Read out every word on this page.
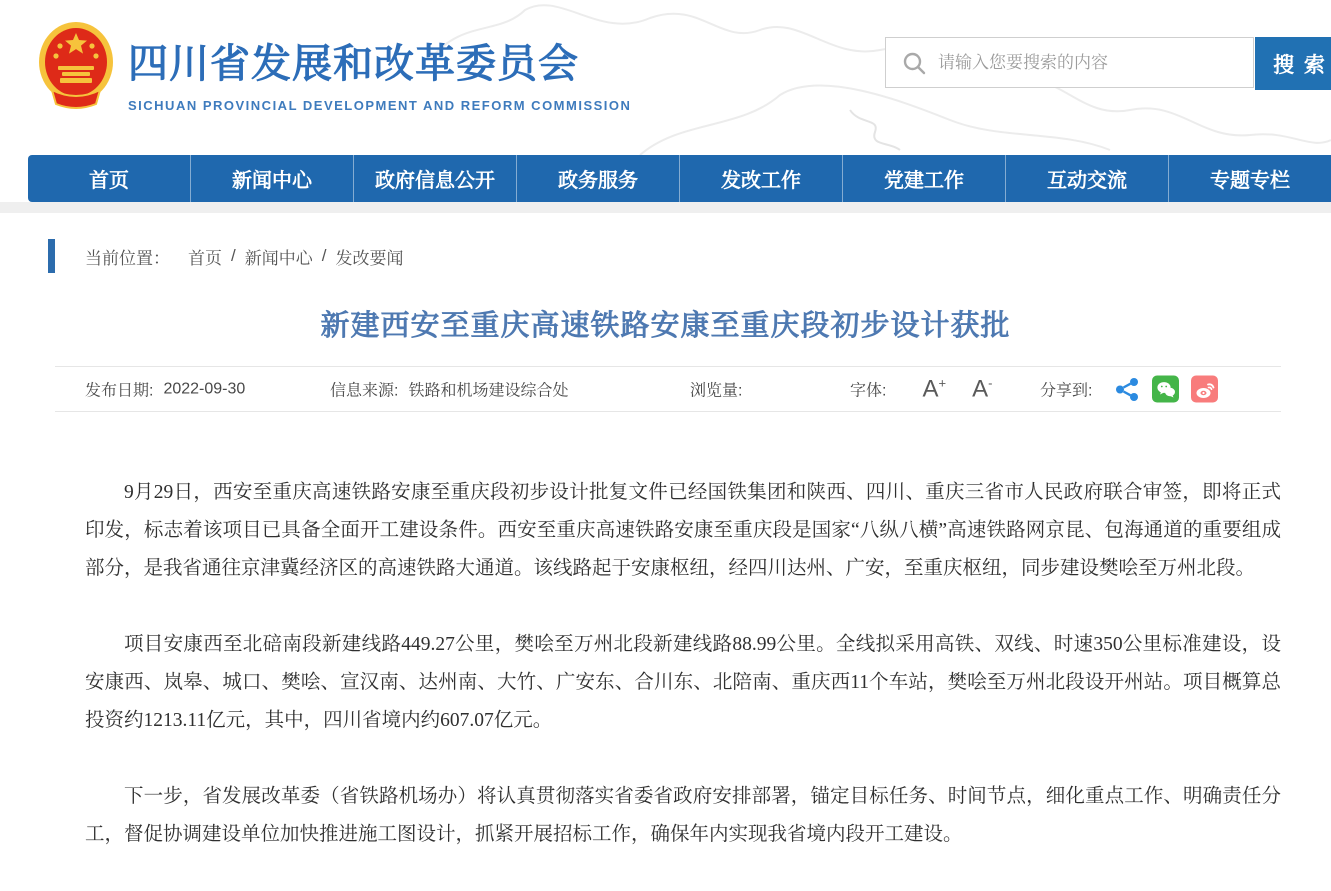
四川省发展和改革委员会
SICHUAN PROVINCIAL DEVELOPMENT AND REFORM COMMISSION
请输入您要搜索的内容
搜 索
首页	新闻中心	政府信息公开	政务服务	发改工作	党建工作	互动交流	专题专栏
当前位置： 首页 / 新闻中心 / 发改要闻
新建西安至重庆高速铁路安康至重庆段初步设计获批
发布日期: 2022-09-30	信息来源: 铁路和机场建设综合处	浏览量:	字体: A+ A-	分享到:

9月29日，西安至重庆高速铁路安康至重庆段初步设计批复文件已经国铁集团和陕西、四川、重庆三省市人民政府联合审签，即将正式印发，标志着该项目已具备全面开工建设条件。西安至重庆高速铁路安康至重庆段是国家“八纵八横”高速铁路网京昆、包海通道的重要组成部分，是我省通往京津冀经济区的高速铁路大通道。该线路起于安康枢纽，经四川达州、广安，至重庆枢纽，同步建设樊哙至万州北段。

项目安康西至北碚南段新建线路449.27公里，樊哙至万州北段新建线路88.99公里。全线拟采用高铁、双线、时速350公里标准建设，设安康西、岚皋、城口、樊哙、宣汉南、达州南、大竹、广安东、合川东、北陪南、重庆西11个车站，樊哙至万州北段设开州站。项目概算总投资约1213.11亿元，其中，四川省境内约607.07亿元。

下一步，省发展改革委（省铁路机场办）将认真贯彻落实省委省政府安排部署，锚定目标任务、时间节点，细化重点工作、明确责任分工，督促协调建设单位加快推进施工图设计，抓紧开展招标工作，确保年内实现我省境内段开工建设。
